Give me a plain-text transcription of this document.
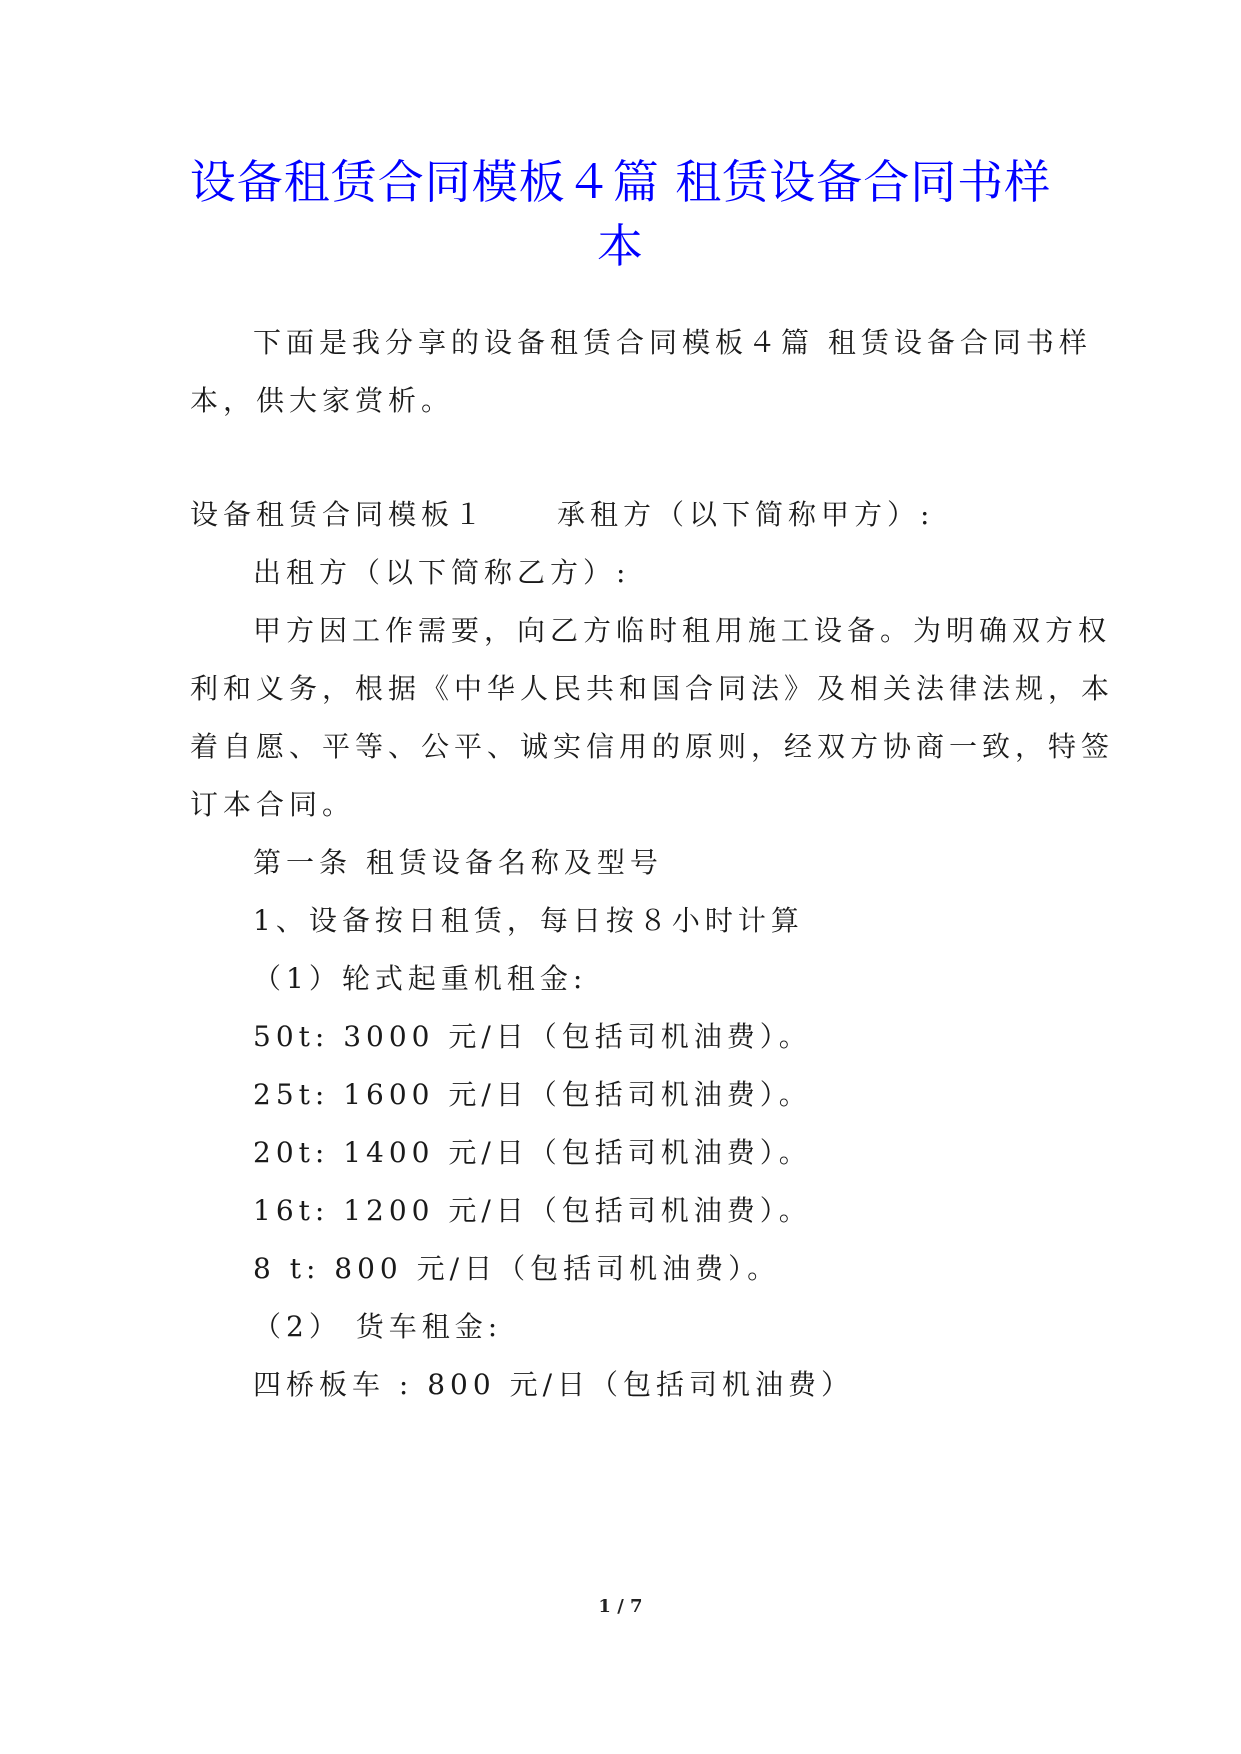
设备租赁合同模板４篇 租赁设备合同书样
本
下面是我分享的设备租赁合同模板４篇 租赁设备合同书样
本，供大家赏析。
设备租赁合同模板１	承租方（以下简称甲方）:
出租方（以下简称乙方）:
甲方因工作需要，向乙方临时租用施工设备。为明确双方权
利和义务，根据《中华人民共和国合同法》及相关法律法规，本
着自愿、平等、公平、诚实信用的原则，经双方协商一致，特签
订本合同。
第一条 租赁设备名称及型号
1、设备按日租赁，每日按８小时计算
（1）轮式起重机租金:
50t: 3000 元/日（包括司机油费）。
25t: 1600 元/日（包括司机油费）。
20t: 1400 元/日（包括司机油费）。
16t: 1200 元/日（包括司机油费）。
8 t: 800 元/日（包括司机油费）。
（2） 货车租金:
四桥板车 : 800 元/日（包括司机油费）
1 / 7
